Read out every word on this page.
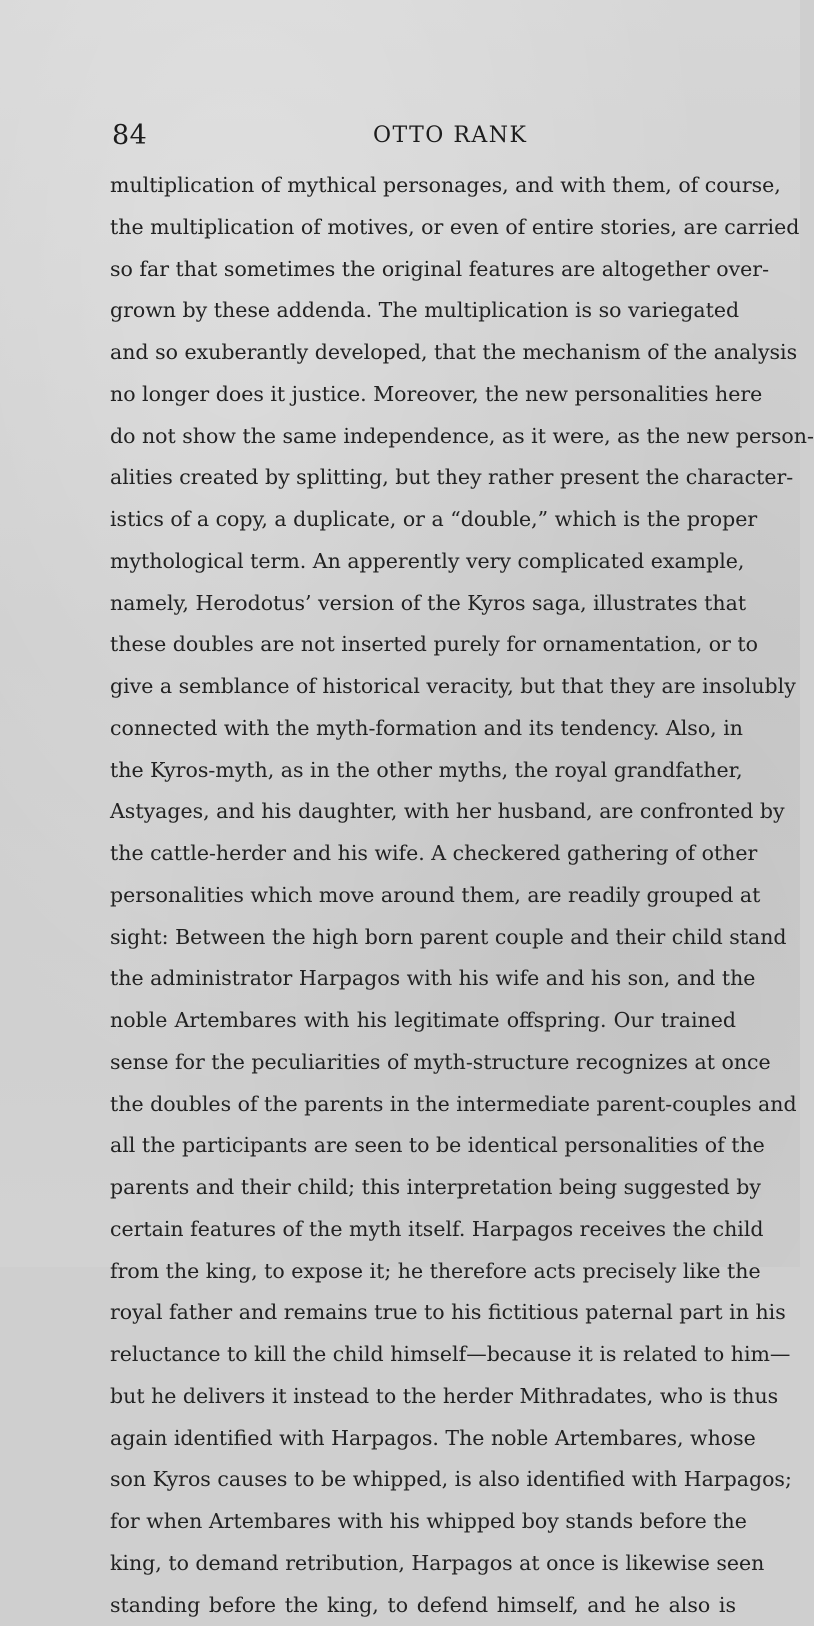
84	OTTO RANK
multiplication of mythical personages, and with them, of course,
the multiplication of motives, or even of entire stories, are carried
so far that sometimes the original features are altogether over-
grown by these addenda. The multiplication is so variegated
and so exuberantly developed, that the mechanism of the analysis
no longer does it justice. Moreover, the new personalities here
do not show the same independence, as it were, as the new person-
alities created by splitting, but they rather present the character-
istics of a copy, a duplicate, or a “double,” which is the proper
mythological term. An apperently very complicated example,
namely, Herodotus’ version of the Kyros saga, illustrates that
these doubles are not inserted purely for ornamentation, or to
give a semblance of historical veracity, but that they are insolubly
connected with the myth-formation and its tendency. Also, in
the Kyros-myth, as in the other myths, the royal grandfather,
Astyages, and his daughter, with her husband, are confronted by
the cattle-herder and his wife. A checkered gathering of other
personalities which move around them, are readily grouped at
sight: Between the high born parent couple and their child stand
the administrator Harpagos with his wife and his son, and the
noble Artembares with his legitimate offspring. Our trained
sense for the peculiarities of myth-structure recognizes at once
the doubles of the parents in the intermediate parent-couples and
all the participants are seen to be identical personalities of the
parents and their child; this interpretation being suggested by
certain features of the myth itself. Harpagos receives the child
from the king, to expose it; he therefore acts precisely like the
royal father and remains true to his fictitious paternal part in his
reluctance to kill the child himself—because it is related to him—
but he delivers it instead to the herder Mithradates, who is thus
again identified with Harpagos. The noble Artembares, whose
son Kyros causes to be whipped, is also identified with Harpagos;
for when Artembares with his whipped boy stands before the
king, to demand retribution, Harpagos at once is likewise seen
standing before the king, to defend himself, and he also is
